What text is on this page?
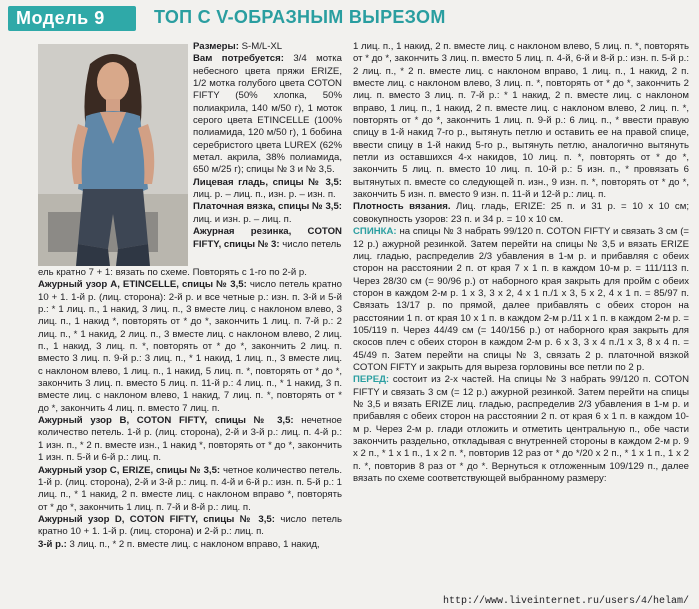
Модель 9	ТОП С V-ОБРАЗНЫМ ВЫРЕЗОМ

Размеры: S-M/L-XL

Вам потребуется: 3/4 мотка небесного цвета пряжи ERIZE, 1/2 мотка голубого цвета COTON FIFTY (50% хлопка, 50% полиакрила, 140 м/50 г), 1 моток серого цвета ETINCELLE (100% полиамида, 120 м/50 г), 1 бобина серебристого цвета LUREX (62% метал. акрила, 38% полиамида, 650 м/25 г); спицы № 3 и № 3,5.

Лицевая гладь, спицы № 3,5: лиц. р. – лиц. п., изн. р. – изн. п.

Платочная вязка, спицы № 3,5: лиц. и изн. р. – лиц. п.

Ажурная резинка, COTON FIFTY, спицы № 3: число петель

ель кратно 7 + 1: вязать по схеме. Повторять с 1-го по 2-й р.

Ажурный узор A, ETINCELLE, спицы № 3,5: число петель кратно 10 + 1. 1-й р. (лиц. сторона): 2-й р. и все четные р.: изн. п. 3-й и 5-й р.: * 1 лиц. п., 1 накид, 3 лиц. п., 3 вместе лиц. с наклоном влево, 3 лиц. п., 1 накид *, повторять от * до *, закончить 1 лиц. п. 7-й р.: 2 лиц. п., * 1 накид, 2 лиц. п., 3 вместе лиц. с наклоном влево, 2 лиц. п., 1 накид, 3 лиц. п. *, повторять от * до *, закончить 2 лиц. п. вместо 3 лиц. п. 9-й р.: 3 лиц. п., * 1 накид, 1 лиц. п., 3 вместе лиц. с наклоном влево, 1 лиц. п., 1 накид, 5 лиц. п. *, повторять от * до *, закончить 3 лиц. п. вместо 5 лиц. п. 11-й р.: 4 лиц. п., * 1 накид, 3 п. вместе лиц. с наклоном влево, 1 накид, 7 лиц. п. *, повторять от * до *, закончить 4 лиц. п. вместо 7 лиц. п.

Ажурный узор B, COTON FIFTY, спицы № 3,5: нечетное количество петель. 1-й р. (лиц. сторона), 2-й и 3-й р.: лиц. п. 4-й р.: 1 изн. п., * 2 п. вместе изн., 1 накид *, повторять от * до *, закончить 1 изн. п. 5-й и 6-й р.: лиц. п.

Ажурный узор C, ERIZE, спицы № 3,5: четное количество петель. 1-й р. (лиц. сторона), 2-й и 3-й р.: лиц. п. 4-й и 6-й р.: изн. п. 5-й р.: 1 лиц. п., * 1 накид, 2 п. вместе лиц. с наклоном вправо *, повторять от * до *, закончить 1 лиц. п. 7-й и 8-й р.: лиц. п.

Ажурный узор D, COTON FIFTY, спицы № 3,5: число петель кратно 10 + 1. 1-й р. (лиц. сторона) и 2-й р.: лиц. п.

3-й р.: 3 лиц. п., * 2 п. вместе лиц. с наклоном вправо, 1 накид,

1 лиц. п., 1 накид, 2 п. вместе лиц. с наклоном влево, 5 лиц. п. *, повторять от * до *, закончить 3 лиц. п. вместо 5 лиц. п. 4-й, 6-й и 8-й р.: изн. п. 5-й р.: 2 лиц. п., * 2 п. вместе лиц. с наклоном вправо, 1 лиц. п., 1 накид, 2 п. вместе лиц. с наклоном влево, 3 лиц. п. *, повторять от * до *, закончить 2 лиц. п. вместо 3 лиц. п. 7-й р.: * 1 накид, 2 п. вместе лиц. с наклоном вправо, 1 лиц. п., 1 накид, 2 п. вместе лиц. с наклоном влево, 2 лиц. п. *, повторять от * до *, закончить 1 лиц. п. 9-й р.: 6 лиц. п., * ввести правую спицу в 1-й накид 7-го р., вытянуть петлю и оставить ее на правой спице, ввести спицу в 1-й накид 5-го р., вытянуть петлю, аналогично вытянуть петли из оставшихся 4-х накидов, 10 лиц. п. *, повторять от * до *, закончить 5 лиц. п. вместо 10 лиц. п. 10-й р.: 5 изн. п., * провязать 6 вытянутых п. вместе со следующей п. изн., 9 изн. п. *, повторять от * до *, закончить 5 изн. п. вместо 9 изн. п. 11-й и 12-й р.: лиц. п.

Плотность вязания. Лиц. гладь, ERIZE: 25 п. и 31 р. = 10 х 10 см; совокупность узоров: 23 п. и 34 р. = 10 х 10 см.

СПИНКА: на спицы № 3 набрать 99/120 п. COTON FIFTY и связать 3 см (= 12 р.) ажурной резинкой. Затем перейти на спицы № 3,5 и вязать ERIZE лиц. гладью, распределив 2/3 убавления в 1-м р. и прибавляя с обеих сторон на расстоянии 2 п. от края 7 х 1 п. в каждом 10-м р. = 111/113 п. Через 28/30 см (= 90/96 р.) от наборного края закрыть для пройм с обеих сторон в каждом 2-м р. 1 х 3, 3 х 2, 4 х 1 п./1 х 3, 5 х 2, 4 х 1 п. = 85/97 п. Связать 13/17 р. по прямой, далее прибавлять с обеих сторон на расстоянии 1 п. от края 10 х 1 п. в каждом 2-м р./11 х 1 п. в каждом 2-м р. = 105/119 п. Через 44/49 см (= 140/156 р.) от наборного края закрыть для скосов плеч с обеих сторон в каждом 2-м р. 6 х 3, 3 х 4 п./1 х 3, 8 х 4 п. = 45/49 п. Затем перейти на спицы № 3, связать 2 р. платочной вязкой COTON FIFTY и закрыть для выреза горловины все петли по 2 р.

ПЕРЕД: состоит из 2-х частей. На спицы № 3 набрать 99/120 п. COTON FIFTY и связать 3 см (= 12 р.) ажурной резинкой. Затем перейти на спицы № 3,5 и вязать ERIZE лиц. гладью, распределив 2/3 убавления в 1-м р. и прибавляя с обеих сторон на расстоянии 2 п. от края 6 х 1 п. в каждом 10-м р. Через 2-м р. глади отложить и отметить центральную п., обе части закончить раздельно, откладывая с внутренней стороны в каждом 2-м р. 9 х 2 п., * 1 х 1 п., 1 х 2 п. *, повторив 12 раз от * до */20 х 2 п., * 1 х 1 п., 1 х 2 п. *, повторив 8 раз от * до *. Вернуться к отложенным 109/129 п., далее вязать по схеме соответствующей выбранному размеру:

http://www.liveinternet.ru/users/4/helam/
